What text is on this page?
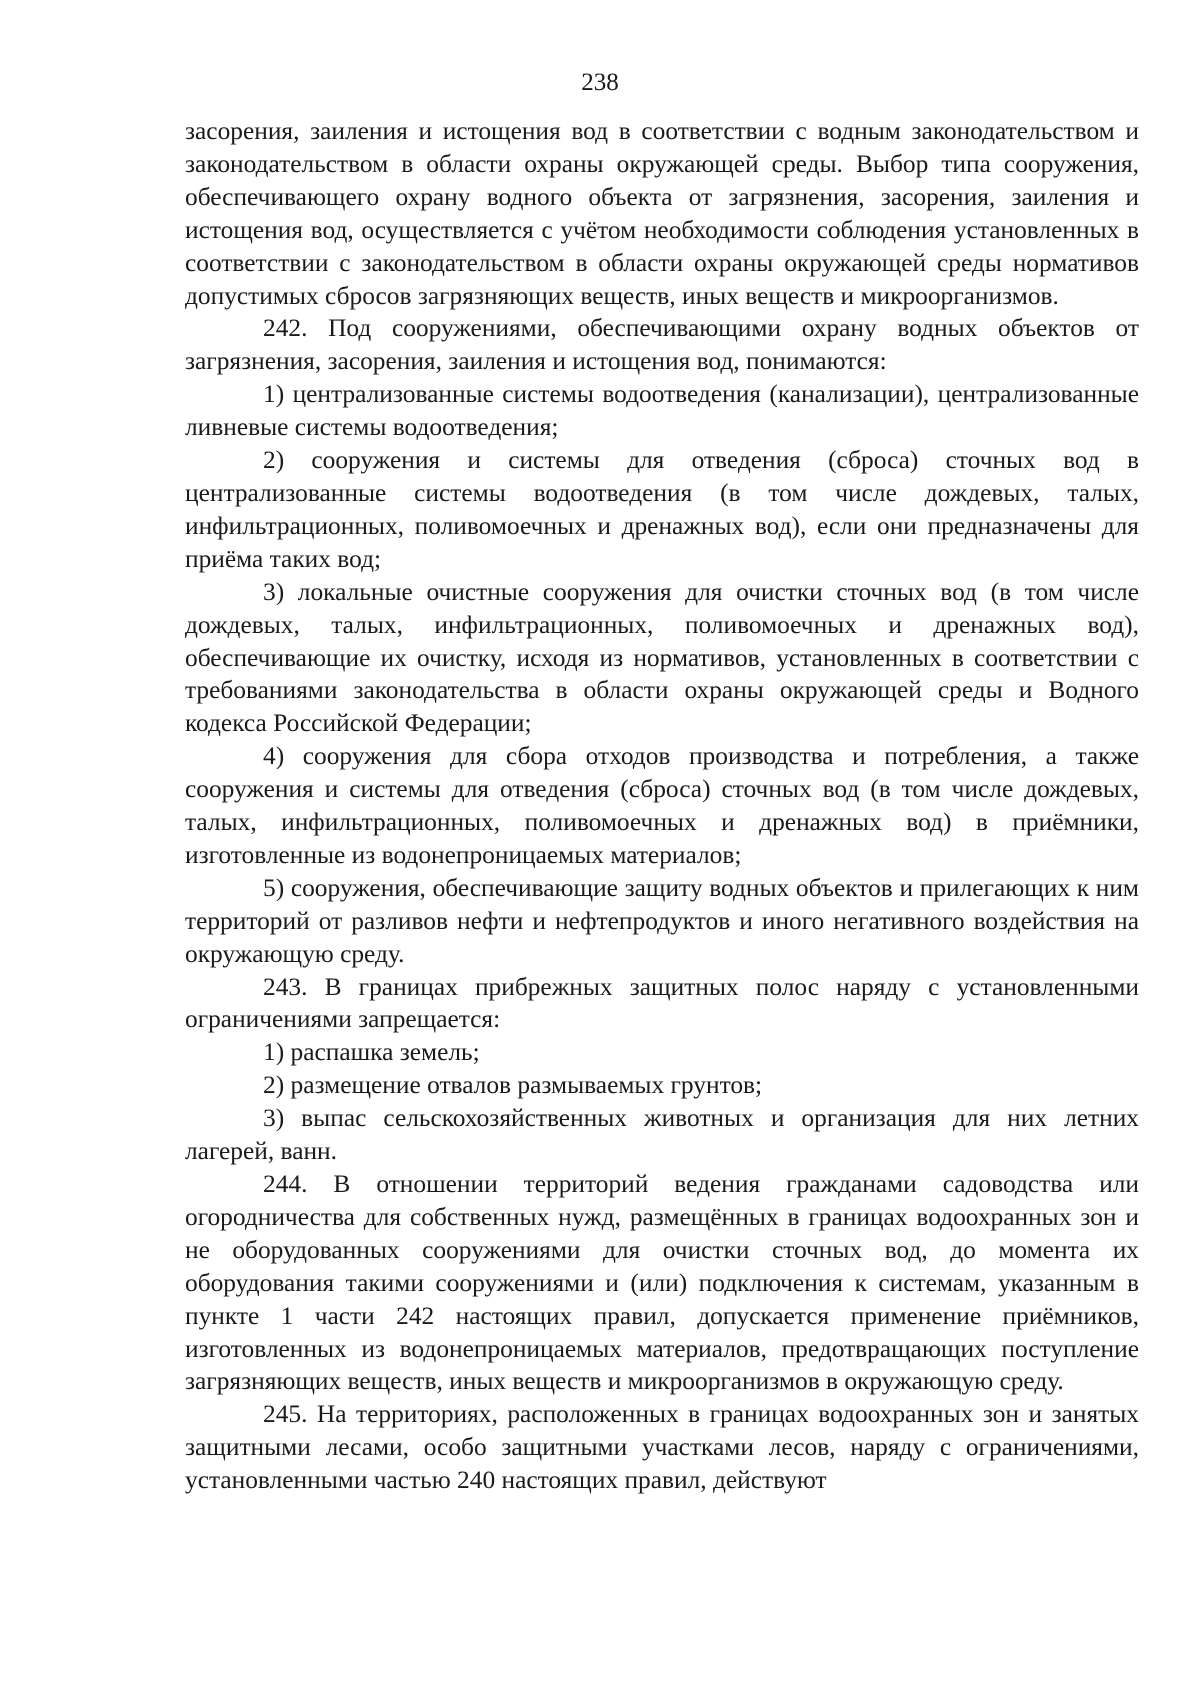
238

засорения, заиления и истощения вод в соответствии с водным законодательством и законодательством в области охраны окружающей среды. Выбор типа сооружения, обеспечивающего охрану водного объекта от загрязнения, засорения, заиления и истощения вод, осуществляется с учётом необходимости соблюдения установленных в соответствии с законодательством в области охраны окружающей среды нормативов допустимых сбросов загрязняющих веществ, иных веществ и микроорганизмов.

242. Под сооружениями, обеспечивающими охрану водных объектов от загрязнения, засорения, заиления и истощения вод, понимаются:

1) централизованные системы водоотведения (канализации), централизованные ливневые системы водоотведения;

2) сооружения и системы для отведения (сброса) сточных вод в централизованные системы водоотведения (в том числе дождевых, талых, инфильтрационных, поливомоечных и дренажных вод), если они предназначены для приёма таких вод;

3) локальные очистные сооружения для очистки сточных вод (в том числе дождевых, талых, инфильтрационных, поливомоечных и дренажных вод), обеспечивающие их очистку, исходя из нормативов, установленных в соответствии с требованиями законодательства в области охраны окружающей среды и Водного кодекса Российской Федерации;

4) сооружения для сбора отходов производства и потребления, а также сооружения и системы для отведения (сброса) сточных вод (в том числе дождевых, талых, инфильтрационных, поливомоечных и дренажных вод) в приёмники, изготовленные из водонепроницаемых материалов;

5) сооружения, обеспечивающие защиту водных объектов и прилегающих к ним территорий от разливов нефти и нефтепродуктов и иного негативного воздействия на окружающую среду.

243. В границах прибрежных защитных полос наряду с установленными ограничениями запрещается:

1) распашка земель;

2) размещение отвалов размываемых грунтов;

3) выпас сельскохозяйственных животных и организация для них летних лагерей, ванн.

244. В отношении территорий ведения гражданами садоводства или огородничества для собственных нужд, размещённых в границах водоохранных зон и не оборудованных сооружениями для очистки сточных вод, до момента их оборудования такими сооружениями и (или) подключения к системам, указанным в пункте 1 части 242 настоящих правил, допускается применение приёмников, изготовленных из водонепроницаемых материалов, предотвращающих поступление загрязняющих веществ, иных веществ и микроорганизмов в окружающую среду.

245. На территориях, расположенных в границах водоохранных зон и занятых защитными лесами, особо защитными участками лесов, наряду с ограничениями, установленными частью 240 настоящих правил, действуют
